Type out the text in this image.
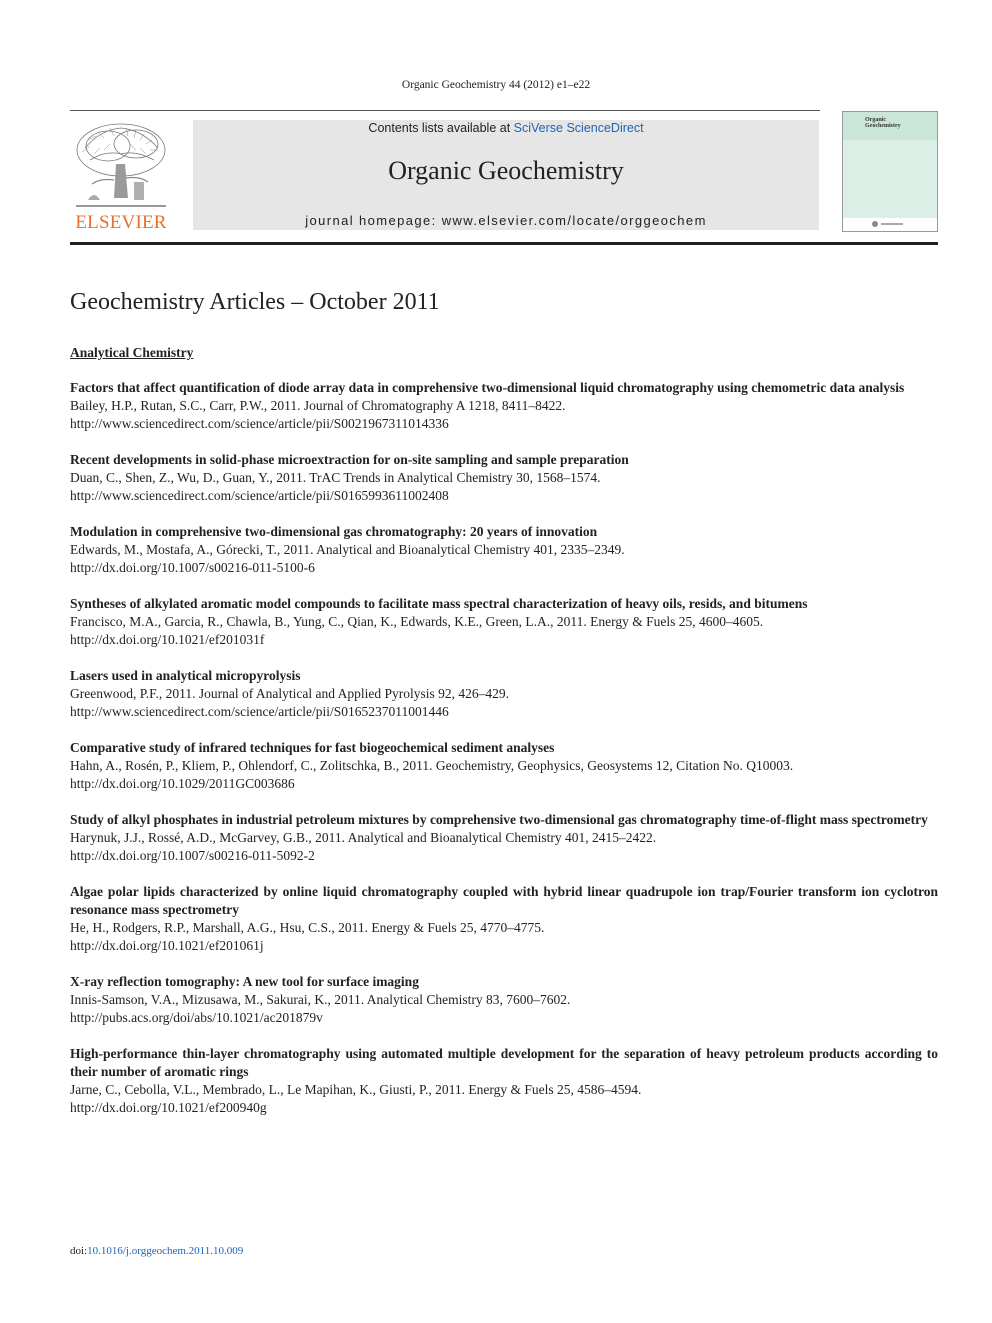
Organic Geochemistry 44 (2012) e1–e22
ELSEVIER
Contents lists available at SciVerse ScienceDirect
Organic Geochemistry
journal homepage: www.elsevier.com/locate/orggeochem
Organic
Geochemistry
Geochemistry Articles – October 2011
Analytical Chemistry
Factors that affect quantification of diode array data in comprehensive two-dimensional liquid chromatography using chemometric data analysis
Bailey, H.P., Rutan, S.C., Carr, P.W., 2011. Journal of Chromatography A 1218, 8411–8422.
http://www.sciencedirect.com/science/article/pii/S0021967311014336
Recent developments in solid-phase microextraction for on-site sampling and sample preparation
Duan, C., Shen, Z., Wu, D., Guan, Y., 2011. TrAC Trends in Analytical Chemistry 30, 1568–1574.
http://www.sciencedirect.com/science/article/pii/S0165993611002408
Modulation in comprehensive two-dimensional gas chromatography: 20 years of innovation
Edwards, M., Mostafa, A., Górecki, T., 2011. Analytical and Bioanalytical Chemistry 401, 2335–2349.
http://dx.doi.org/10.1007/s00216-011-5100-6
Syntheses of alkylated aromatic model compounds to facilitate mass spectral characterization of heavy oils, resids, and bitumens
Francisco, M.A., Garcia, R., Chawla, B., Yung, C., Qian, K., Edwards, K.E., Green, L.A., 2011. Energy & Fuels 25, 4600–4605.
http://dx.doi.org/10.1021/ef201031f
Lasers used in analytical micropyrolysis
Greenwood, P.F., 2011. Journal of Analytical and Applied Pyrolysis 92, 426–429.
http://www.sciencedirect.com/science/article/pii/S0165237011001446
Comparative study of infrared techniques for fast biogeochemical sediment analyses
Hahn, A., Rosén, P., Kliem, P., Ohlendorf, C., Zolitschka, B., 2011. Geochemistry, Geophysics, Geosystems 12, Citation No. Q10003.
http://dx.doi.org/10.1029/2011GC003686
Study of alkyl phosphates in industrial petroleum mixtures by comprehensive two-dimensional gas chromatography time-of-flight mass spectrometry
Harynuk, J.J., Rossé, A.D., McGarvey, G.B., 2011. Analytical and Bioanalytical Chemistry 401, 2415–2422.
http://dx.doi.org/10.1007/s00216-011-5092-2
Algae polar lipids characterized by online liquid chromatography coupled with hybrid linear quadrupole ion trap/Fourier transform ion cyclotron resonance mass spectrometry
He, H., Rodgers, R.P., Marshall, A.G., Hsu, C.S., 2011. Energy & Fuels 25, 4770–4775.
http://dx.doi.org/10.1021/ef201061j
X-ray reflection tomography: A new tool for surface imaging
Innis-Samson, V.A., Mizusawa, M., Sakurai, K., 2011. Analytical Chemistry 83, 7600–7602.
http://pubs.acs.org/doi/abs/10.1021/ac201879v
High-performance thin-layer chromatography using automated multiple development for the separation of heavy petroleum products according to their number of aromatic rings
Jarne, C., Cebolla, V.L., Membrado, L., Le Mapihan, K., Giusti, P., 2011. Energy & Fuels 25, 4586–4594.
http://dx.doi.org/10.1021/ef200940g
doi:10.1016/j.orggeochem.2011.10.009
